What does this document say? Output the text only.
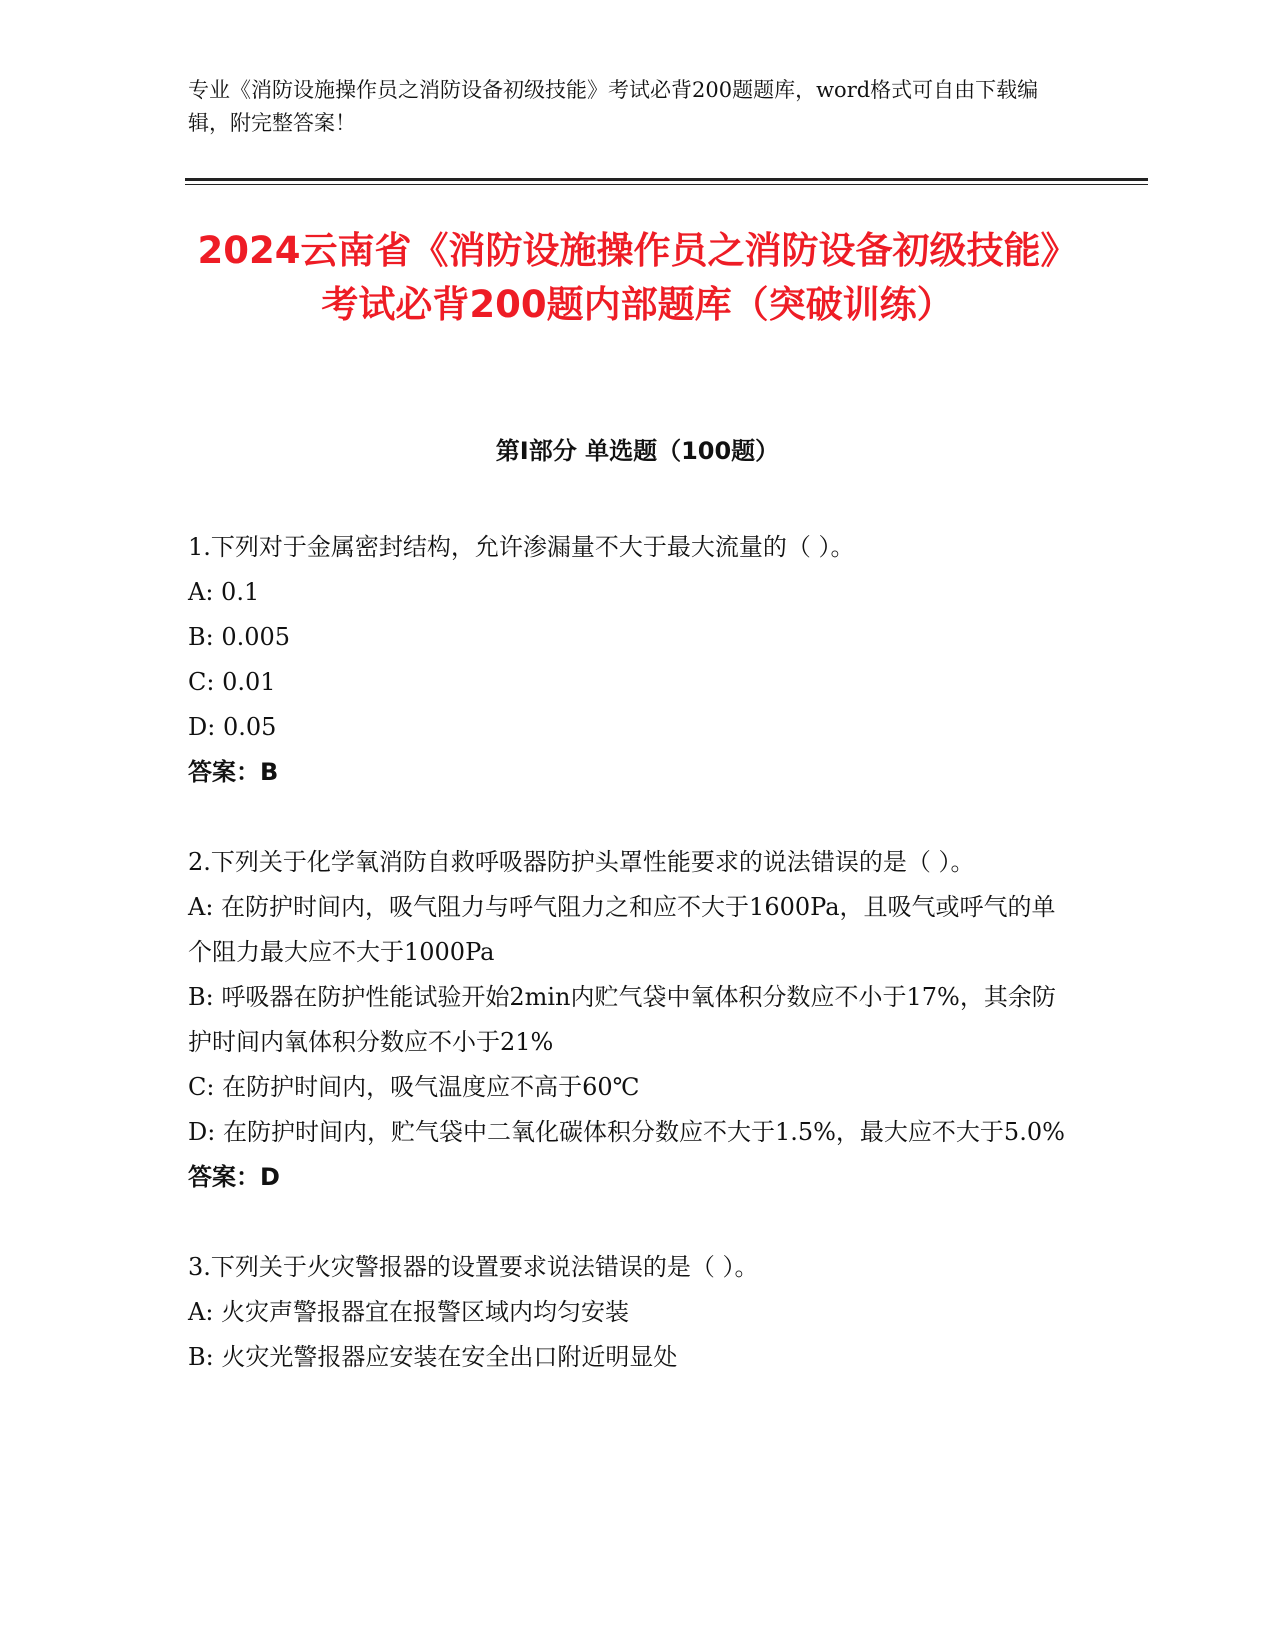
专业《消防设施操作员之消防设备初级技能》考试必背200题题库，word格式可自由下载编辑，附完整答案！
2024云南省《消防设施操作员之消防设备初级技能》考试必背200题内部题库（突破训练）
第I部分 单选题（100题）

1.下列对于金属密封结构，允许渗漏量不大于最大流量的（ ）。

A: 0.1

B: 0.005

C: 0.01

D: 0.05

答案：B

2.下列关于化学氧消防自救呼吸器防护头罩性能要求的说法错误的是（ ）。

A: 在防护时间内，吸气阻力与呼气阻力之和应不大于1600Pa，且吸气或呼气的单个阻力最大应不大于1000Pa

B: 呼吸器在防护性能试验开始2min内贮气袋中氧体积分数应不小于17%，其余防护时间内氧体积分数应不小于21%

C: 在防护时间内，吸气温度应不高于60℃

D: 在防护时间内，贮气袋中二氧化碳体积分数应不大于1.5%，最大应不大于5.0%

答案：D

3.下列关于火灾警报器的设置要求说法错误的是（ ）。

A: 火灾声警报器宜在报警区域内均匀安装

B: 火灾光警报器应安装在安全出口附近明显处
